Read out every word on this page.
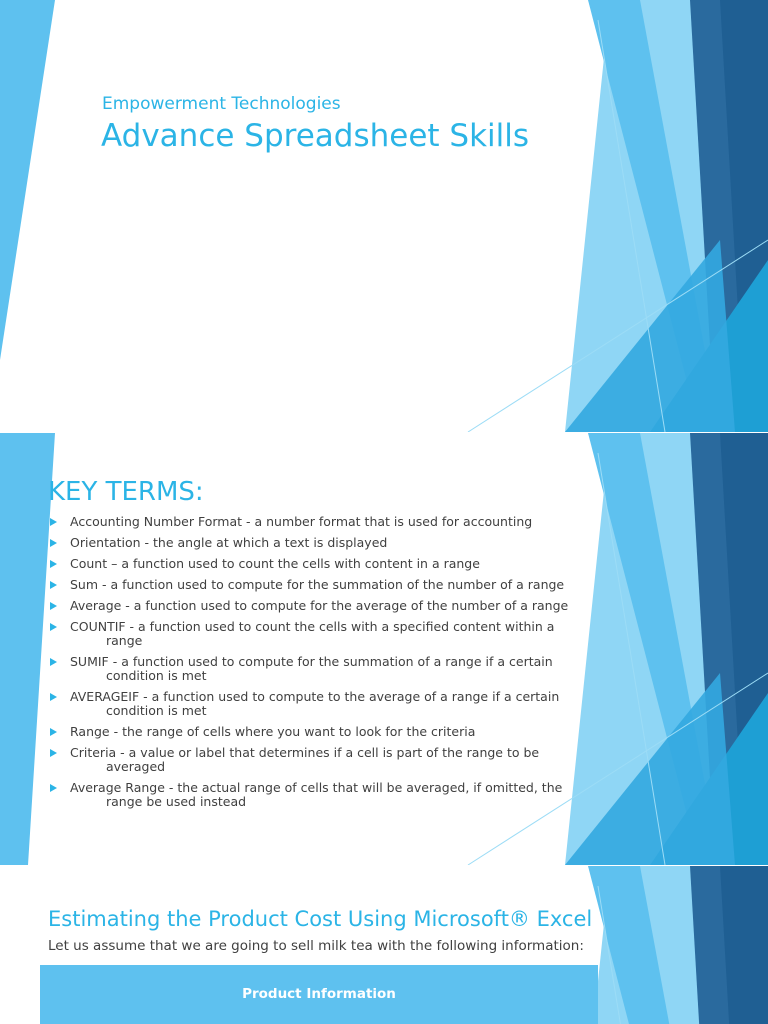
Empowerment Technologies
Advance Spreadsheet Skills
KEY TERMS:
Accounting Number Format - a number format that is used for accounting
Orientation - the angle at which a text is displayed
Count – a function used to count the cells with content in a range
Sum - a function used to compute for the summation of the number of a range
Average - a function used to compute for the average of the number of a range
COUNTIF - a function used to count the cells with a specified content within a range
SUMIF - a function used to compute for the summation of a range if a certain condition is met
AVERAGEIF - a function used to compute to the average of a range if a certain condition is met
Range - the range of cells where you want to look for the criteria
Criteria - a value or label that determines if a cell is part of the range to be averaged
Average Range - the actual range of cells that will be averaged, if omitted, the range be used instead
Estimating the Product Cost Using Microsoft® Excel

Let us assume that we are going to sell milk tea with the following information:

Product Information
